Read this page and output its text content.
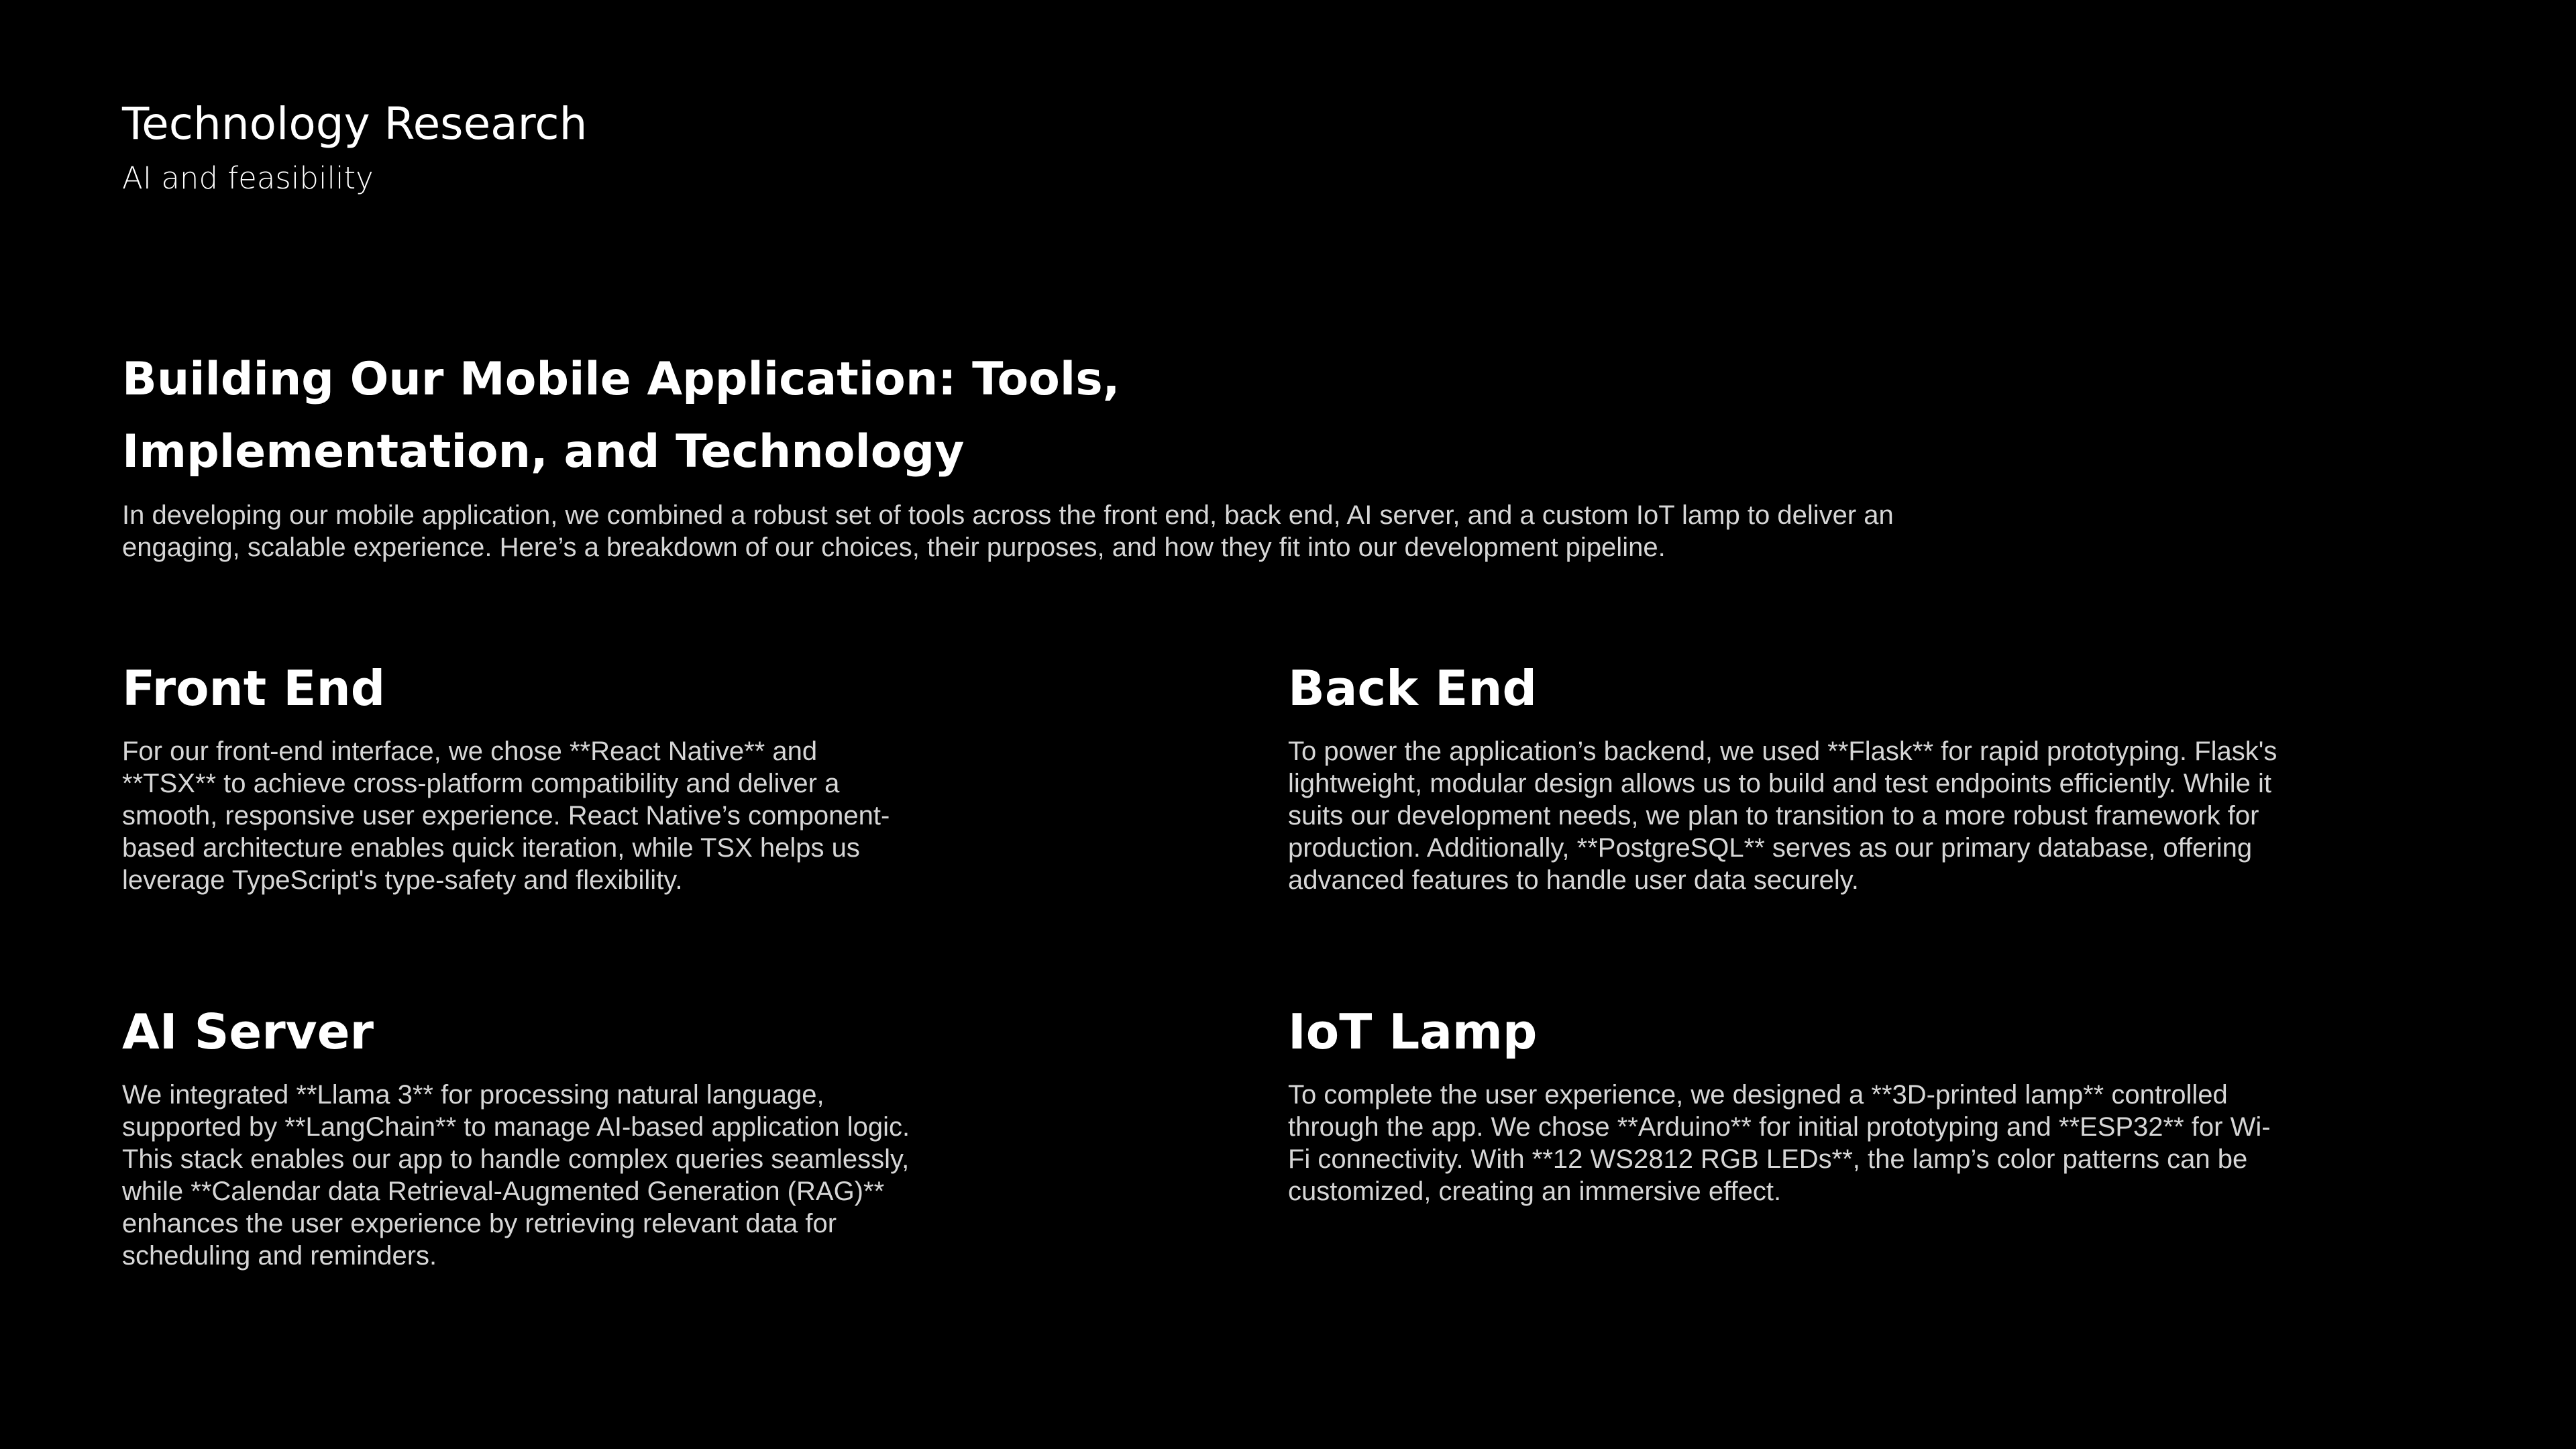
Technology Research
AI and feasibility
Building Our Mobile Application: Tools, Implementation, and Technology

In developing our mobile application, we combined a robust set of tools across the front end, back end, AI server, and a custom IoT lamp to deliver an engaging, scalable experience. Here’s a breakdown of our choices, their purposes, and how they fit into our development pipeline.

Front End

For our front-end interface, we chose **React Native** and **TSX** to achieve cross-platform compatibility and deliver a smooth, responsive user experience. React Native’s component-based architecture enables quick iteration, while TSX helps us leverage TypeScript's type-safety and flexibility.

Back End

To power the application’s backend, we used **Flask** for rapid prototyping. Flask's lightweight, modular design allows us to build and test endpoints efficiently. While it suits our development needs, we plan to transition to a more robust framework for production. Additionally, **PostgreSQL** serves as our primary database, offering advanced features to handle user data securely.

AI Server

We integrated **Llama 3** for processing natural language, supported by **LangChain** to manage AI-based application logic. This stack enables our app to handle complex queries seamlessly, while **Calendar data Retrieval-Augmented Generation (RAG)** enhances the user experience by retrieving relevant data for scheduling and reminders.

IoT Lamp

To complete the user experience, we designed a **3D-printed lamp** controlled through the app. We chose **Arduino** for initial prototyping and **ESP32** for Wi-Fi connectivity. With **12 WS2812 RGB LEDs**, the lamp’s color patterns can be customized, creating an immersive effect.
